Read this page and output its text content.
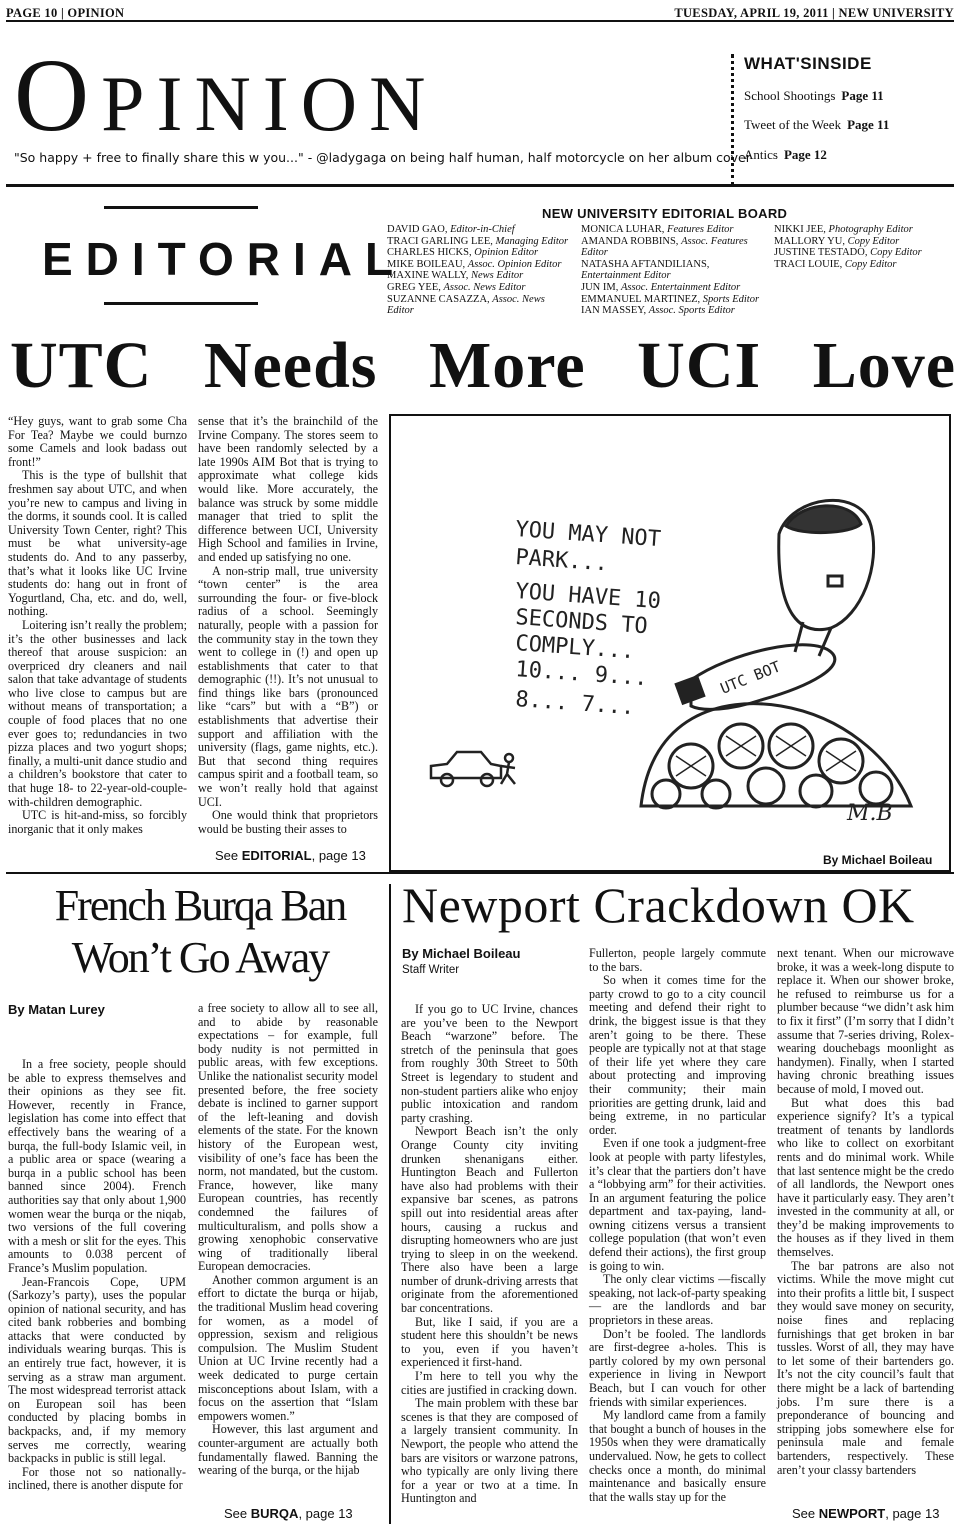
PAGE 10 | OPINION	TUESDAY, APRIL 19, 2011 | NEW UNIVERSITY
OPINION
"So happy + free to finally share this w you..." - @ladygaga on being half human, half motorcycle on her album cover
WHAT'SINSIDE
School Shootings Page 11
Tweet of the Week Page 11
Antics Page 12
EDITORIAL
NEW UNIVERSITY EDITORIAL BOARD
DAVID GAO, Editor-in-Chief
TRACI GARLING LEE, Managing Editor
CHARLES HICKS, Opinion Editor
MIKE BOILEAU, Assoc. Opinion Editor
MAXINE WALLY, News Editor
GREG YEE, Assoc. News Editor
SUZANNE CASAZZA, Assoc. News Editor
MONICA LUHAR, Features Editor
AMANDA ROBBINS, Assoc. Features Editor
NATASHA AFTANDILIANS, Entertainment Editor
JUN IM, Assoc. Entertainment Editor
EMMANUEL MARTINEZ, Sports Editor
IAN MASSEY, Assoc. Sports Editor
NIKKI JEE, Photography Editor
MALLORY YU, Copy Editor
JUSTINE TESTADO, Copy Editor
TRACI LOUIE, Copy Editor
UTC Needs More UCI Love

“Hey guys, want to grab some Cha For Tea? Maybe we could burnzo some Camels and look badass out front!”

This is the type of bullshit that freshmen say about UTC, and when you’re new to campus and living in the dorms, it sounds cool. It is called University Town Center, right? This must be what university-age students do. And to any passerby, that’s what it looks like UC Irvine students do: hang out in front of Yogurtland, Cha, etc. and do, well, nothing.

Loitering isn’t really the problem; it’s the other businesses and lack thereof that arouse suspicion: an overpriced dry cleaners and nail salon that take advantage of students who live close to campus but are without means of transportation; a couple of food places that no one ever goes to; redundancies in two pizza places and two yogurt shops; finally, a multi-unit dance studio and a children’s bookstore that cater to that huge 18- to 22-year-old-couple-with-children demographic.

UTC is hit-and-miss, so forcibly inorganic that it only makes

sense that it’s the brainchild of the Irvine Company. The stores seem to have been randomly selected by a late 1990s AIM Bot that is trying to approximate what college kids would like. More accurately, the balance was struck by some middle manager that tried to split the difference between UCI, University High School and families in Irvine, and ended up satisfying no one.

A non-strip mall, true university “town center” is the area surrounding the four- or five-block radius of a school. Seemingly naturally, people with a passion for the community stay in the town they went to college in (!) and open up establishments that cater to that demographic (!!). It’s not unusual to find things like bars (pronounced like “cars” but with a “B”) or establishments that advertise their support and affiliation with the university (flags, game nights, etc.). But that second thing requires campus spirit and a football team, so we won’t really hold that against UCI.

One would think that proprietors would be busting their asses to

See EDITORIAL, page 13
YOU MAY NOT
PARK...
YOU HAVE 10
SECONDS TO
COMPLY...
10... 9...
8... 7...
UTC BOT
M.B
By Michael Boileau
French Burqa Ban
Won’t Go Away
By Matan Lurey

In a free society, people should be able to express themselves and their opinions as they see fit. However, recently in France, legislation has come into effect that effectively bans the wearing of a burqa, the full-body Islamic veil, in a public area or space (wearing a burqa in a public school has been banned since 2004). French authorities say that only about 1,900 women wear the burqa or the niqab, two versions of the full covering with a mesh or slit for the eyes. This amounts to 0.038 percent of France’s Muslim population.

Jean-Francois Cope, UPM (Sarkozy’s party), uses the popular opinion of national security, and has cited bank robberies and bombing attacks that were conducted by individuals wearing burqas. This is an entirely true fact, however, it is serving as a straw man argument. The most widespread terrorist attack on European soil has been conducted by placing bombs in backpacks, and, if my memory serves me correctly, wearing backpacks in public is still legal.

For those not so nationally-inclined, there is another dispute for

a free society to allow all to see all, and to abide by reasonable expectations – for example, full body nudity is not permitted in public areas, with few exceptions. Unlike the nationalist security model presented before, the free society debate is inclined to garner support of the left-leaning and dovish elements of the state. For the known history of the European west, visibility of one’s face has been the norm, not mandated, but the custom. France, however, like many European countries, has recently condemned the failures of multiculturalism, and polls show a growing xenophobic conservative wing of traditionally liberal European democracies.

Another common argument is an effort to dictate the burqa or hijab, the traditional Muslim head covering for women, as a model of oppression, sexism and religious compulsion. The Muslim Student Union at UC Irvine recently had a week dedicated to purge certain misconceptions about Islam, with a focus on the assertion that “Islam empowers women.”

However, this last argument and counter-argument are actually both fundamentally flawed. Banning the wearing of the burqa, or the hijab

See BURQA, page 13
Newport Crackdown OK
By Michael Boileau
Staff Writer

If you go to UC Irvine, chances are you’ve been to the Newport Beach “warzone” before. The stretch of the peninsula that goes from roughly 30th Street to 50th Street is legendary to student and non-student partiers alike who enjoy public intoxication and random party crashing.

Newport Beach isn’t the only Orange County city inviting drunken shenanigans either. Huntington Beach and Fullerton have also had problems with their expansive bar scenes, as patrons spill out into residential areas after hours, causing a ruckus and disrupting homeowners who are just trying to sleep in on the weekend. There also have been a large number of drunk-driving arrests that originate from the aforementioned bar concentrations.

But, like I said, if you are a student here this shouldn’t be news to you, even if you haven’t experienced it first-hand.

I’m here to tell you why the cities are justified in cracking down.

The main problem with these bar scenes is that they are composed of a largely transient community. In Newport, the people who attend the bars are visitors or warzone patrons, who typically are only living there for a year or two at a time. In Huntington and

Fullerton, people largely commute to the bars.

So when it comes time for the party crowd to go to a city council meeting and defend their right to drink, the biggest issue is that they aren’t going to be there. These people are typically not at that stage of their life yet where they care about protecting and improving their community; their main priorities are getting drunk, laid and being extreme, in no particular order.

Even if one took a judgment-free look at people with party lifestyles, it’s clear that the partiers don’t have a “lobbying arm” for their activities. In an argument featuring the police department and tax-paying, land-owning citizens versus a transient college population (that won’t even defend their actions), the first group is going to win.

The only clear victims —fiscally speaking, not lack-of-party speaking — are the landlords and bar proprietors in these areas.

Don’t be fooled. The landlords are first-degree a-holes. This is partly colored by my own personal experience in living in Newport Beach, but I can vouch for other friends with similar experiences.

My landlord came from a family that bought a bunch of houses in the 1950s when they were dramatically undervalued. Now, he gets to collect checks once a month, do minimal maintenance and basically ensure that the walls stay up for the

next tenant. When our microwave broke, it was a week-long dispute to replace it. When our shower broke, he refused to reimburse us for a plumber because “we didn’t ask him to fix it first” (I’m sorry that I didn’t assume that 7-series driving, Rolex-wearing douchebags moonlight as handymen). Finally, when I started having chronic breathing issues because of mold, I moved out.

But what does this bad experience signify? It’s a typical treatment of tenants by landlords who like to collect on exorbitant rents and do minimal work. While that last sentence might be the credo of all landlords, the Newport ones have it particularly easy. They aren’t invested in the community at all, or they’d be making improvements to the houses as if they lived in them themselves.

The bar patrons are also not victims. While the move might cut into their profits a little bit, I suspect they would save money on security, noise fines and replacing furnishings that get broken in bar tussles. Worst of all, they may have to let some of their bartenders go. It’s not the city council’s fault that there might be a lack of bartending jobs. I’m sure there is a preponderance of bouncing and stripping jobs somewhere else for peninsula male and female bartenders, respectively. These aren’t your classy bartenders

See NEWPORT, page 13
